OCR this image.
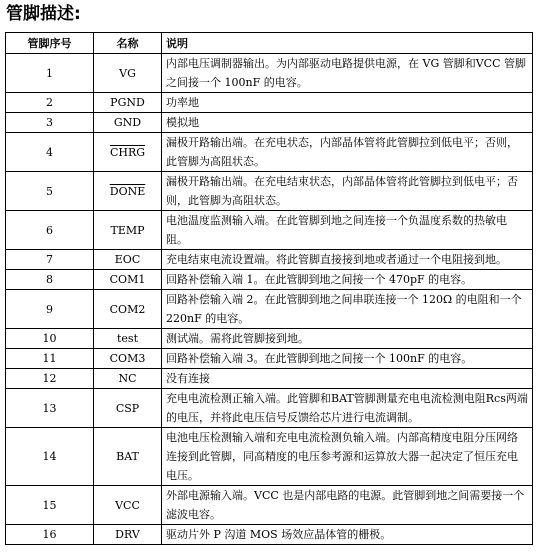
管脚描述:
管脚序号	名称	说明
1	VG	内部电压调制器输出。为内部驱动电路提供电源，在 VG 管脚和VCC 管脚之间接一个 100nF 的电容。
2	PGND	功率地
3	GND	模拟地
4	CHRG	漏极开路输出端。在充电状态，内部晶体管将此管脚拉到低电平；否则，此管脚为高阻状态。
5	DONE	漏极开路输出端。在充电结束状态，内部晶体管将此管脚拉到低电平；否则，此管脚为高阻状态。
6	TEMP	电池温度监测输入端。在此管脚到地之间连接一个负温度系数的热敏电阻。
7	EOC	充电结束电流设置端。将此管脚直接接到地或者通过一个电阻接到地。
8	COM1	回路补偿输入端 1。在此管脚到地之间接一个 470pF 的电容。
9	COM2	回路补偿输入端 2。在此管脚到地之间串联连接一个 120Ω 的电阻和一个 220nF 的电容。
10	test	测试端。需将此管脚接到地。
11	COM3	回路补偿输入端 3。在此管脚到地之间接一个 100nF 的电容。
12	NC	没有连接
13	CSP	充电电流检测正输入端。此管脚和BAT管脚测量充电电流检测电阻Rcs两端的电压，并将此电压信号反馈给芯片进行电流调制。
14	BAT	电池电压检测输入端和充电电流检测负输入端。内部高精度电阻分压网络连接到此管脚，同高精度的电压参考源和运算放大器一起决定了恒压充电电压。
15	VCC	外部电源输入端。VCC 也是内部电路的电源。此管脚到地之间需要接一个滤波电容。
16	DRV	驱动片外 P 沟道 MOS 场效应晶体管的栅极。
